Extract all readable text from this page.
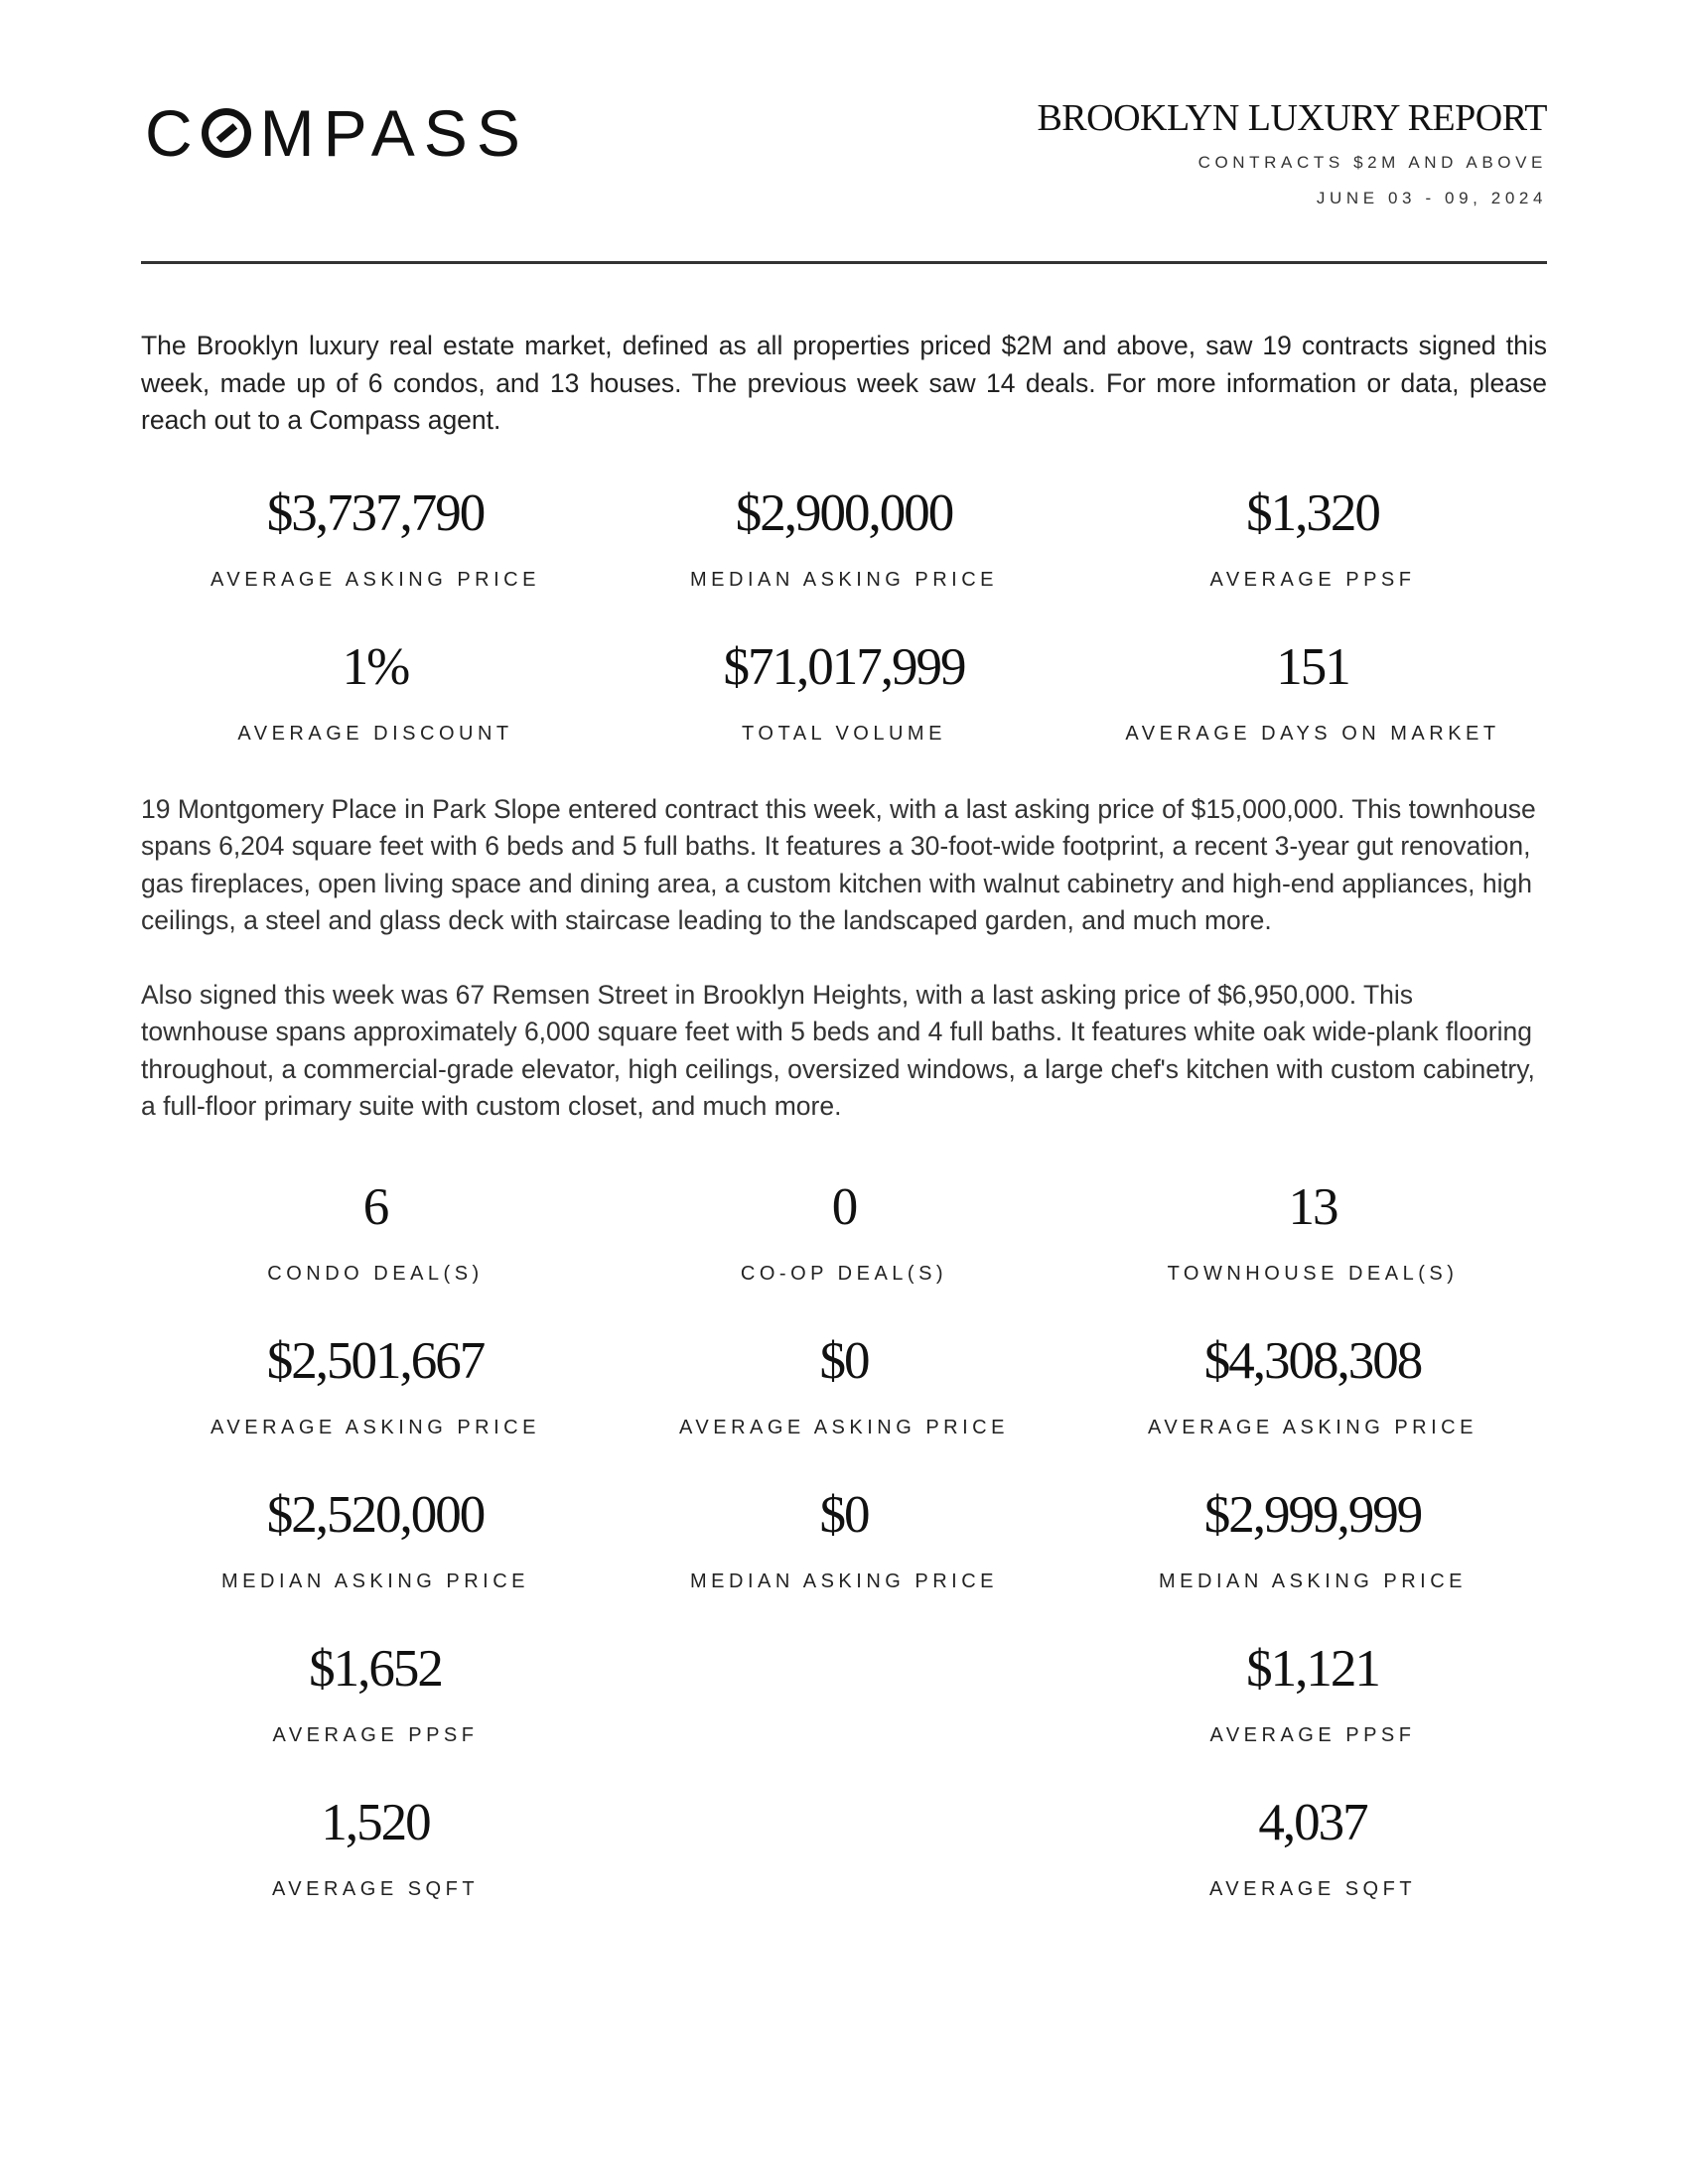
C MPASS	BROOKLYN LUXURY REPORT
CONTRACTS $2M AND ABOVE
JUNE 03 - 09, 2024

The Brooklyn luxury real estate market, defined as all properties priced $2M and above, saw 19 contracts signed this week, made up of 6 condos, and 13 houses. The previous week saw 14 deals. For more information or data, please reach out to a Compass agent.

$3,737,790
AVERAGE ASKING PRICE
$2,900,000
MEDIAN ASKING PRICE
$1,320
AVERAGE PPSF
1%
AVERAGE DISCOUNT
$71,017,999
TOTAL VOLUME
151
AVERAGE DAYS ON MARKET

19 Montgomery Place in Park Slope entered contract this week, with a last asking price of $15,000,000. This townhouse spans 6,204 square feet with 6 beds and 5 full baths. It features a 30-foot-wide footprint, a recent 3-year gut renovation, gas fireplaces, open living space and dining area, a custom kitchen with walnut cabinetry and high-end appliances, high ceilings, a steel and glass deck with staircase leading to the landscaped garden, and much more.

Also signed this week was 67 Remsen Street in Brooklyn Heights, with a last asking price of $6,950,000. This townhouse spans approximately 6,000 square feet with 5 beds and 4 full baths. It features white oak wide-plank flooring throughout, a commercial-grade elevator, high ceilings, oversized windows, a large chef's kitchen with custom cabinetry, a full-floor primary suite with custom closet, and much more.

6
CONDO DEAL(S)
0
CO-OP DEAL(S)
13
TOWNHOUSE DEAL(S)
$2,501,667
AVERAGE ASKING PRICE
$0
AVERAGE ASKING PRICE
$4,308,308
AVERAGE ASKING PRICE
$2,520,000
MEDIAN ASKING PRICE
$0
MEDIAN ASKING PRICE
$2,999,999
MEDIAN ASKING PRICE
$1,652
AVERAGE PPSF
$1,121
AVERAGE PPSF
1,520
AVERAGE SQFT
4,037
AVERAGE SQFT
